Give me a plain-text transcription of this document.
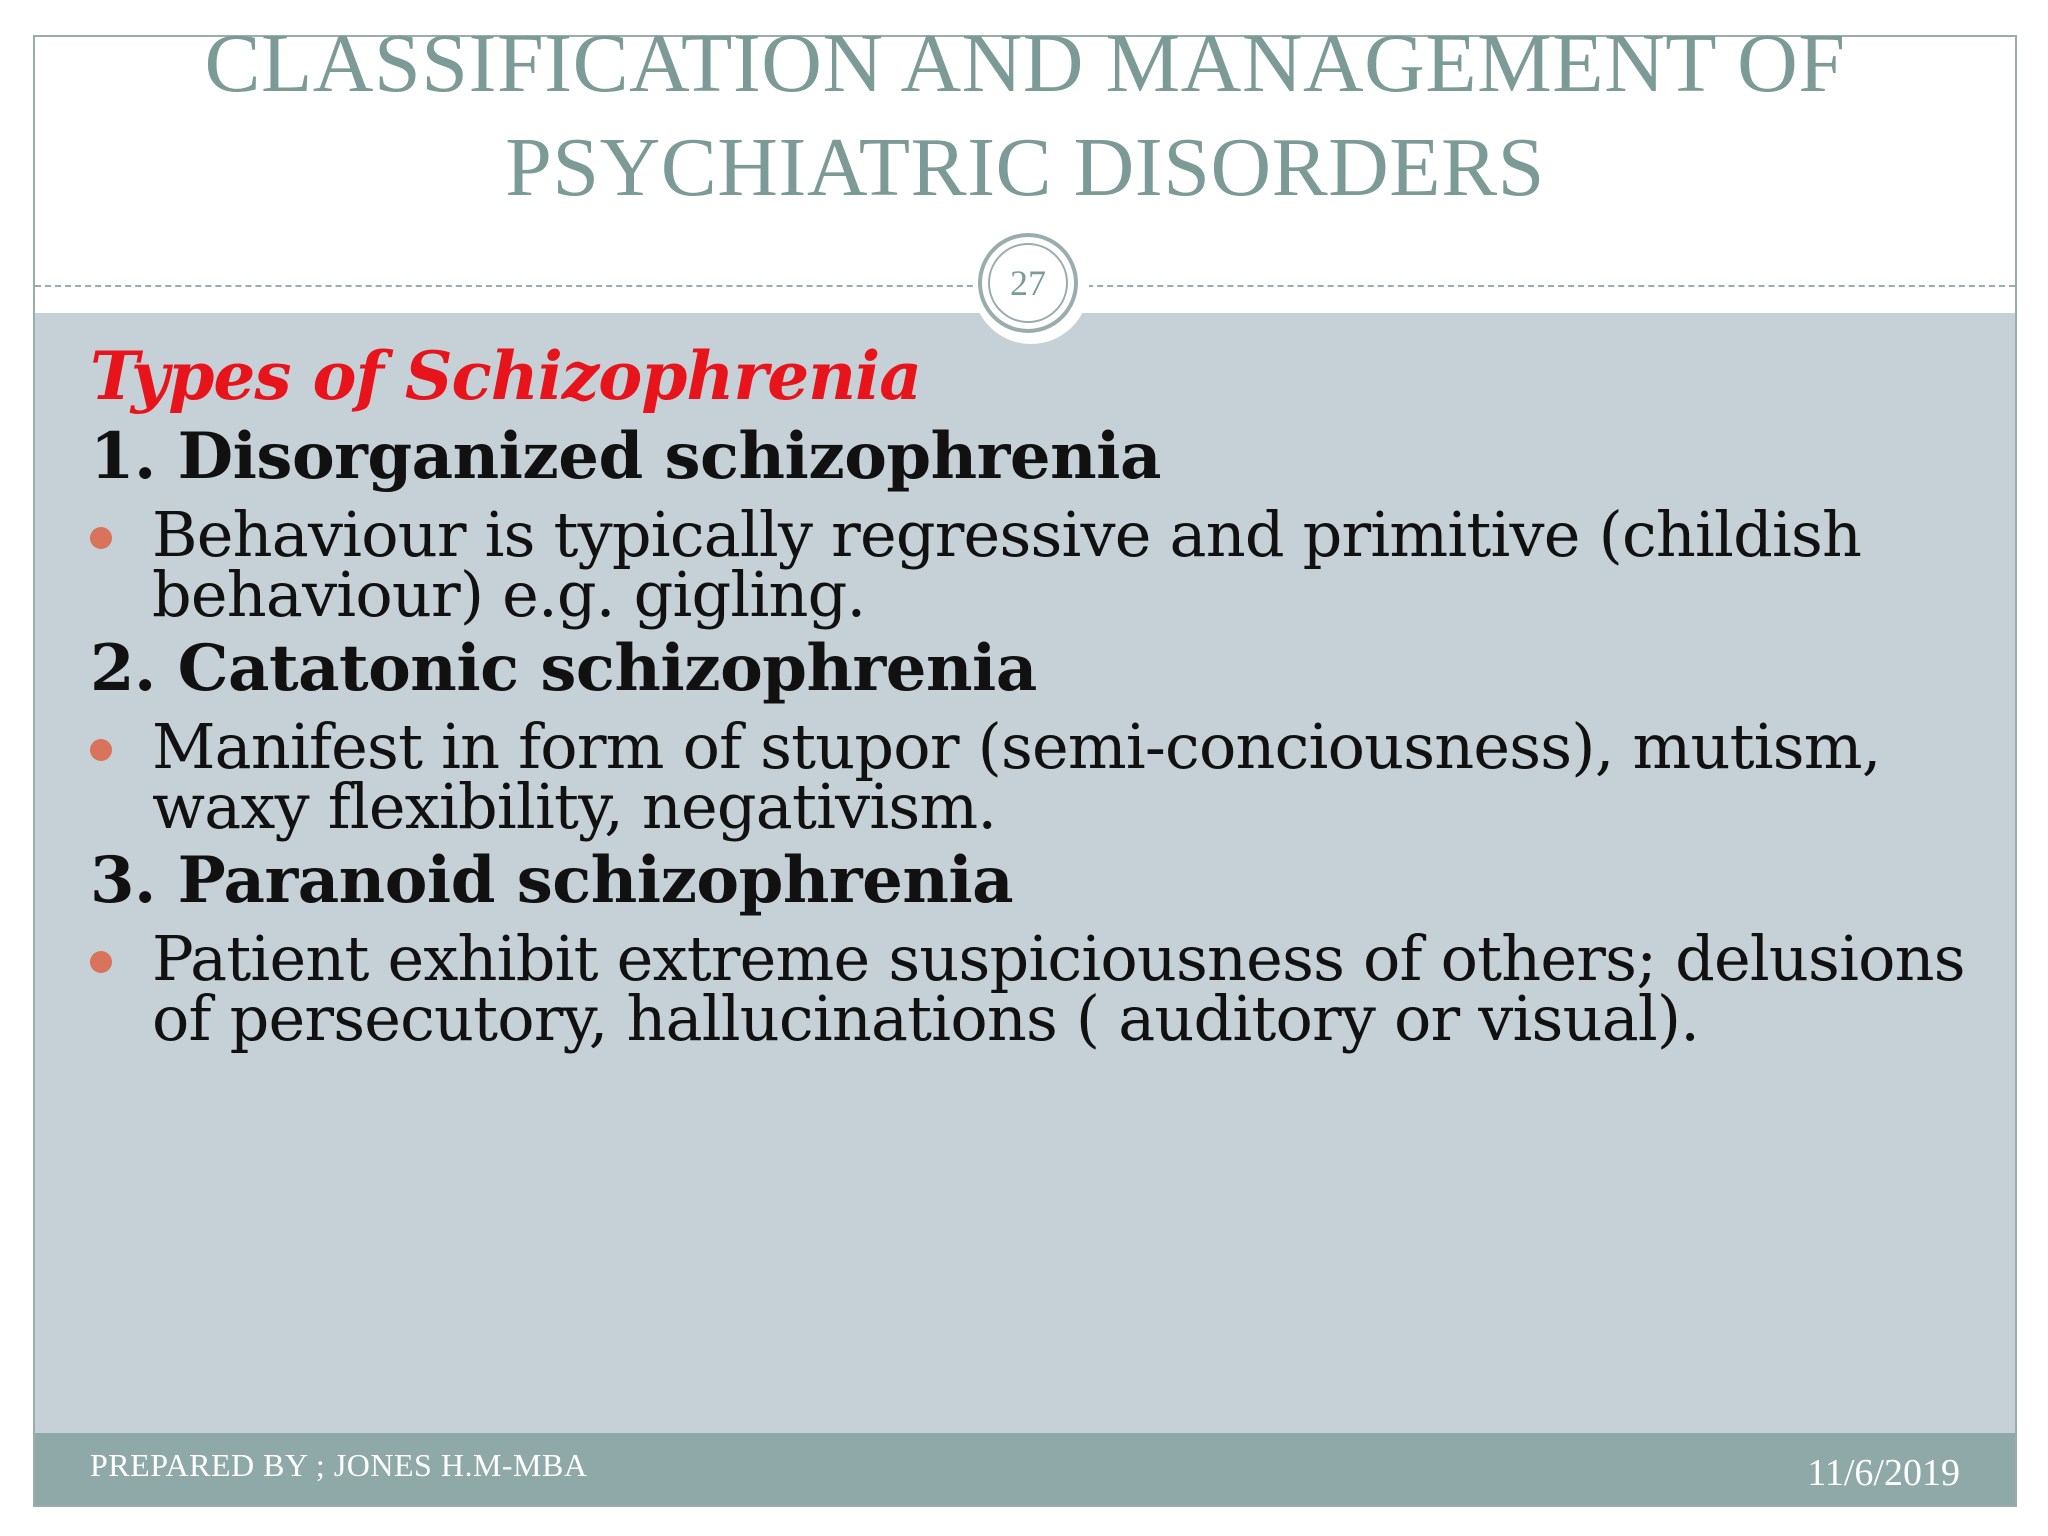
CLASSIFICATION AND MANAGEMENT OF
PSYCHIATRIC DISORDERS
27
Types of Schizophrenia
1. Disorganized schizophrenia
Behaviour is typically regressive and primitive (childish behaviour) e.g. gigling.
2. Catatonic schizophrenia
Manifest in form of stupor (semi-conciousness), mutism, waxy flexibility, negativism.
3. Paranoid schizophrenia
Patient exhibit extreme suspiciousness of others; delusions of persecutory, hallucinations ( auditory or visual).
PREPARED BY ; JONES H.M-MBA	11/6/2019
